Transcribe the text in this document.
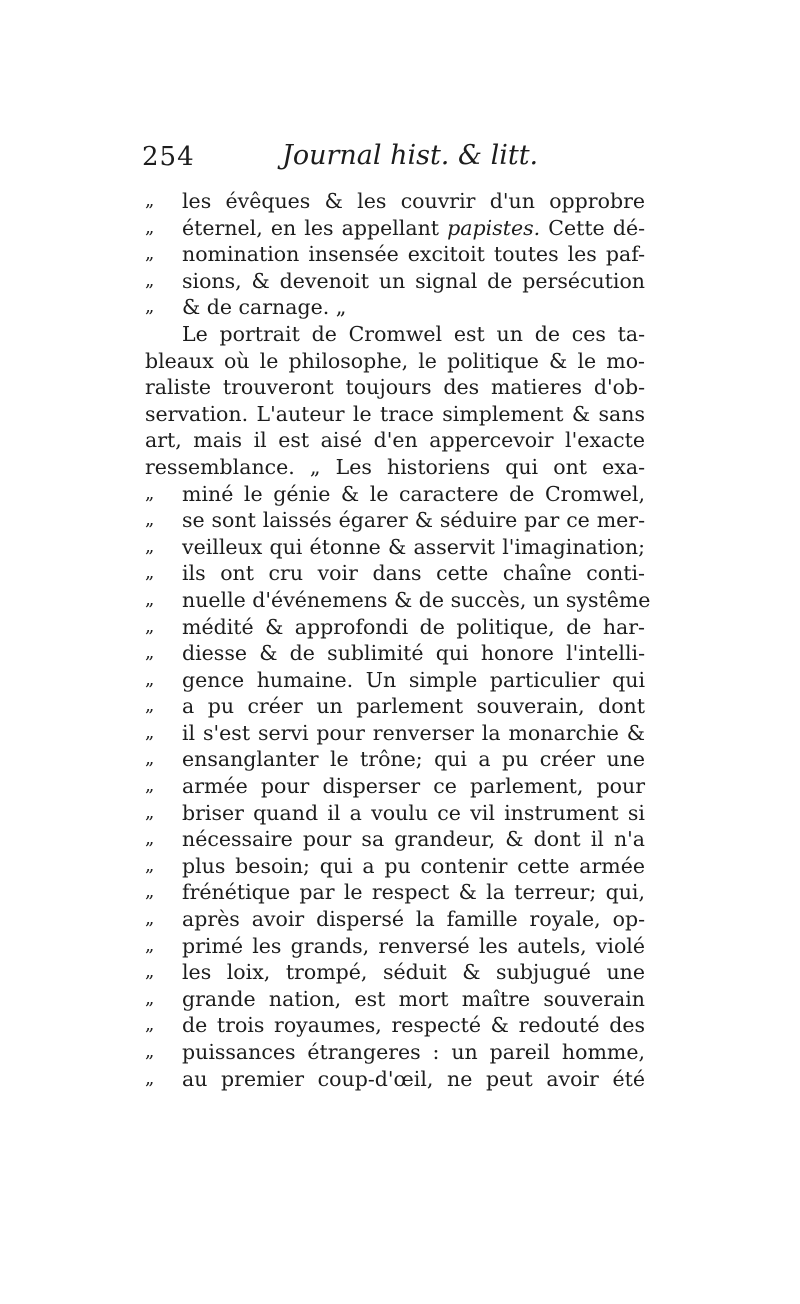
254	Journal hist. & litt.
„	les évêques & les couvrir d'un opprobre
„	éternel, en les appellant papistes. Cette dé-
„	nomination insensée excitoit toutes les paf-
„	sions, & devenoit un signal de persécution
„	& de carnage. „
Le portrait de Cromwel est un de ces ta-
bleaux où le philosophe, le politique & le mo-
raliste trouveront toujours des matieres d'ob-
servation. L'auteur le trace simplement & sans
art, mais il est aisé d'en appercevoir l'exacte
ressemblance. „ Les historiens qui ont exa-
„	miné le génie & le caractere de Cromwel,
„	se sont laissés égarer & séduire par ce mer-
„	veilleux qui étonne & asservit l'imagination;
„	ils ont cru voir dans cette chaîne conti-
„	nuelle d'événemens & de succès, un systême
„	médité & approfondi de politique, de har-
„	diesse & de sublimité qui honore l'intelli-
„	gence humaine. Un simple particulier qui
„	a pu créer un parlement souverain, dont
„	il s'est servi pour renverser la monarchie &
„	ensanglanter le trône; qui a pu créer une
„	armée pour disperser ce parlement, pour
„	briser quand il a voulu ce vil instrument si
„	nécessaire pour sa grandeur, & dont il n'a
„	plus besoin; qui a pu contenir cette armée
„	frénétique par le respect & la terreur; qui,
„	après avoir dispersé la famille royale, op-
„	primé les grands, renversé les autels, violé
„	les loix, trompé, séduit & subjugué une
„	grande nation, est mort maître souverain
„	de trois royaumes, respecté & redouté des
„	puissances étrangeres : un pareil homme,
„	au premier coup-d'œil, ne peut avoir été
